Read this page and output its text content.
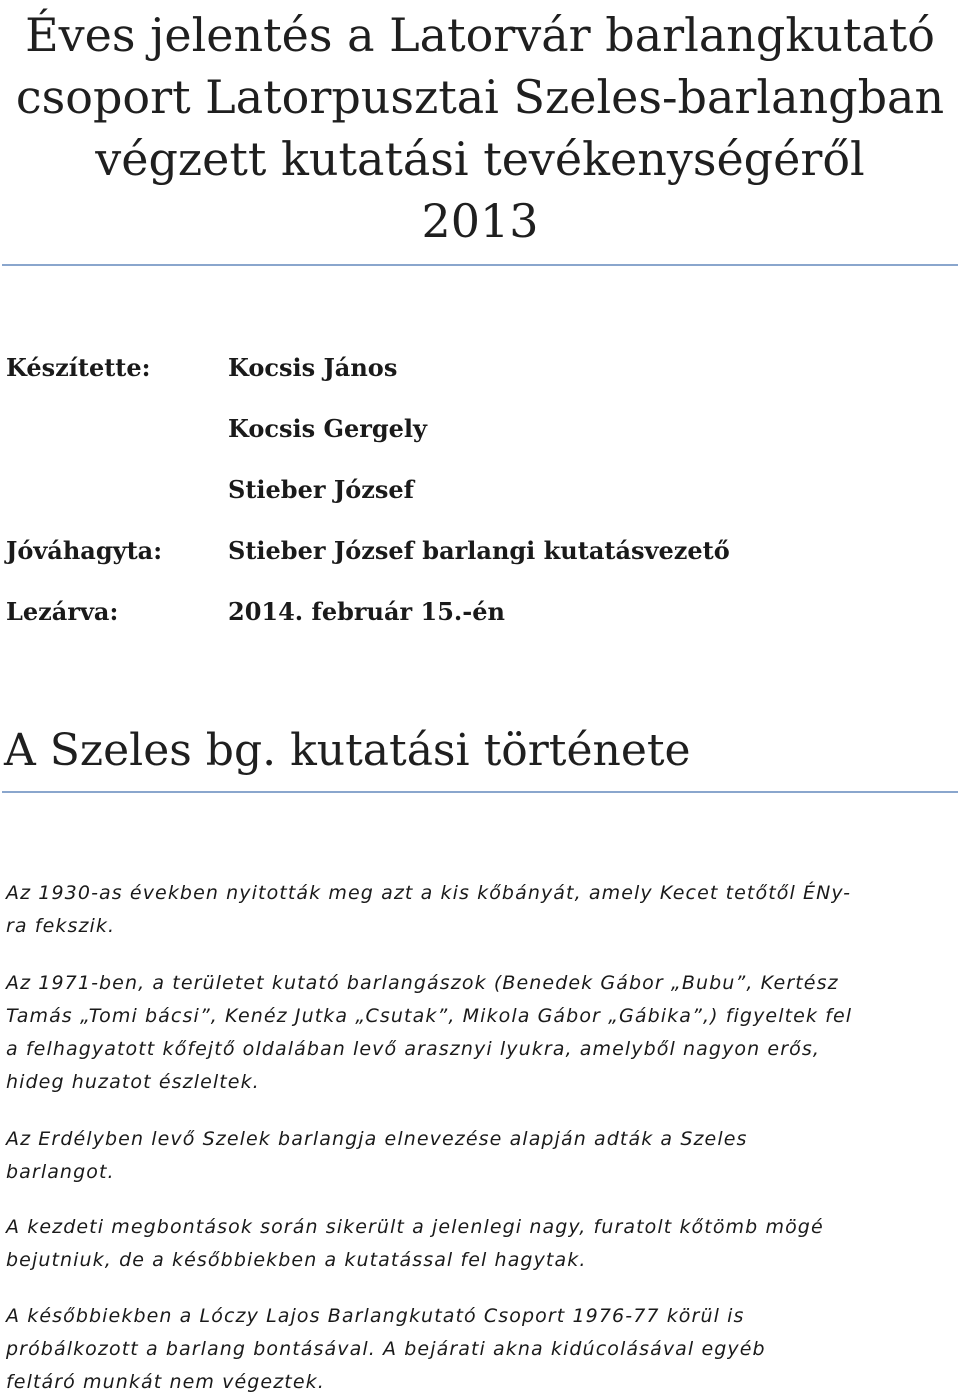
Éves jelentés a Latorvár barlangkutató
csoport Latorpusztai Szeles-barlangban
végzett kutatási tevékenységéről
2013
Készítette:	Kocsis János
Kocsis Gergely
Stieber József
Jóváhagyta:	Stieber József barlangi kutatásvezető
Lezárva:	2014. február 15.-én
A Szeles bg. kutatási története

Az 1930-as években nyitották meg azt a kis kőbányát, amely Kecet tetőtől ÉNy-
ra fekszik.

Az 1971-ben, a területet kutató barlangászok (Benedek Gábor „Bubu”, Kertész
Tamás „Tomi bácsi”, Kenéz Jutka „Csutak”, Mikola Gábor „Gábika”,) figyeltek fel
a felhagyatott kőfejtő oldalában levő arasznyi lyukra, amelyből nagyon erős,
hideg huzatot észleltek.

Az Erdélyben levő Szelek barlangja elnevezése alapján adták a Szeles
barlangot.

A kezdeti megbontások során sikerült a jelenlegi nagy, furatolt kőtömb mögé
bejutniuk, de a későbbiekben a kutatással fel hagytak.

A későbbiekben a Lóczy Lajos Barlangkutató Csoport 1976-77 körül is
próbálkozott a barlang bontásával. A bejárati akna kidúcolásával egyéb
feltáró munkát nem végeztek.
